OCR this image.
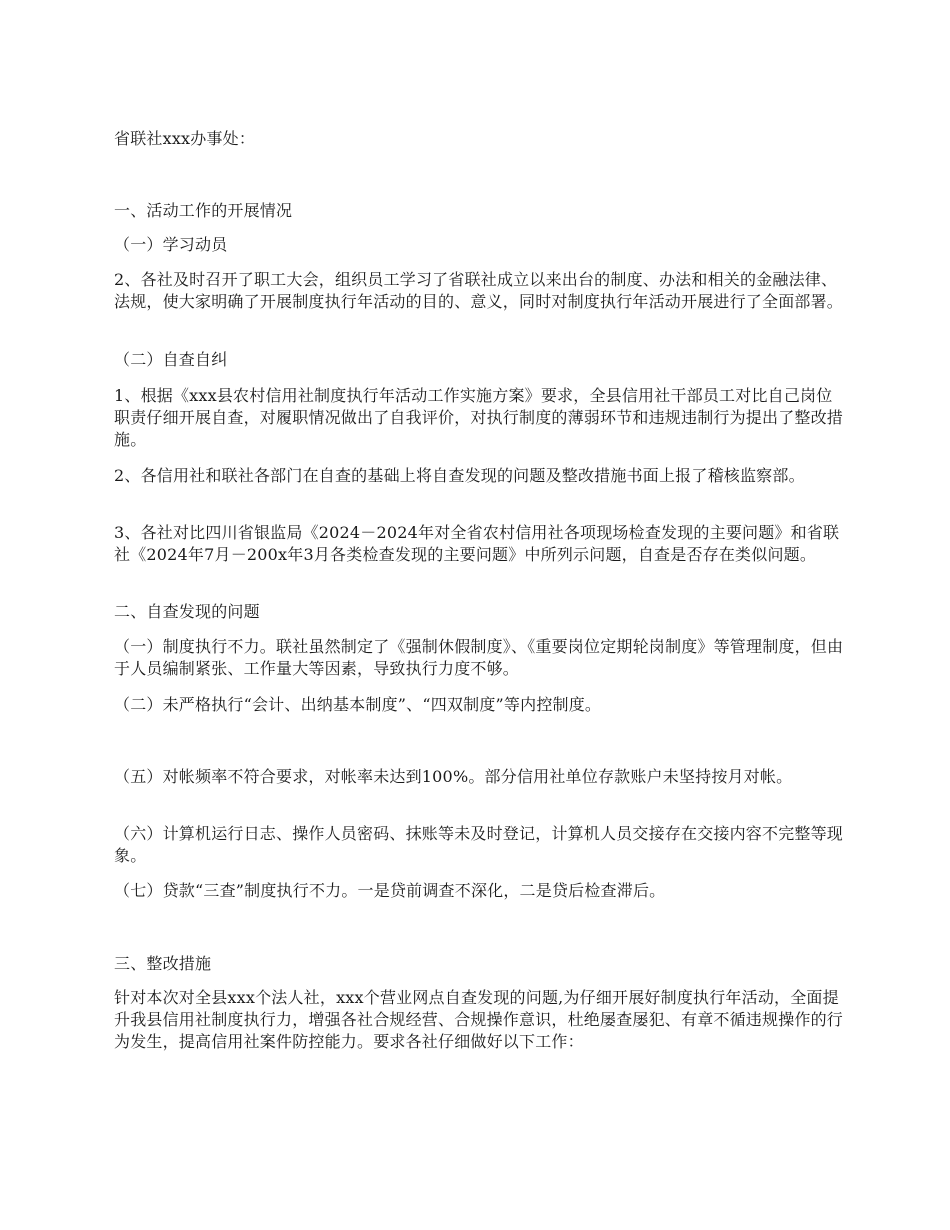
省联社xxx办事处：

一、活动工作的开展情况

（一）学习动员

2、各社及时召开了职工大会，组织员工学习了省联社成立以来出台的制度、办法和相关的金融法律、法规，使大家明确了开展制度执行年活动的目的、意义，同时对制度执行年活动开展进行了全面部署。

（二）自查自纠

1、根据《xxx县农村信用社制度执行年活动工作实施方案》要求，全县信用社干部员工对比自己岗位职责仔细开展自查，对履职情况做出了自我评价，对执行制度的薄弱环节和违规违制行为提出了整改措施。

2、各信用社和联社各部门在自查的基础上将自查发现的问题及整改措施书面上报了稽核监察部。

3、各社对比四川省银监局《2024－2024年对全省农村信用社各项现场检查发现的主要问题》和省联社《2024年7月－200x年3月各类检查发现的主要问题》中所列示问题，自查是否存在类似问题。

二、自查发现的问题

（一）制度执行不力。联社虽然制定了《强制休假制度》、《重要岗位定期轮岗制度》等管理制度，但由于人员编制紧张、工作量大等因素，导致执行力度不够。

（二）未严格执行“会计、出纳基本制度”、“四双制度”等内控制度。

（五）对帐频率不符合要求，对帐率未达到100%。部分信用社单位存款账户未坚持按月对帐。

（六）计算机运行日志、操作人员密码、抹账等未及时登记，计算机人员交接存在交接内容不完整等现象。

（七）贷款“三查”制度执行不力。一是贷前调查不深化，二是贷后检查滞后。

三、整改措施

针对本次对全县xxx个法人社，xxx个营业网点自查发现的问题,为仔细开展好制度执行年活动，全面提升我县信用社制度执行力，增强各社合规经营、合规操作意识，杜绝屡查屡犯、有章不循违规操作的行为发生，提高信用社案件防控能力。要求各社仔细做好以下工作：
